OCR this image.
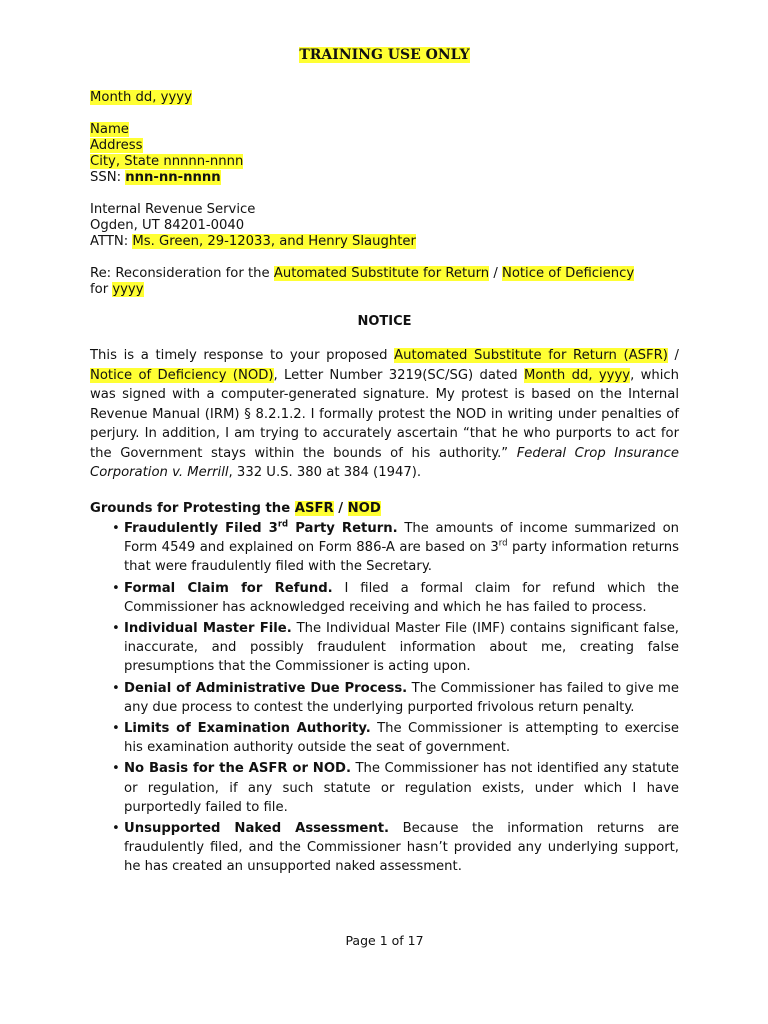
TRAINING USE ONLY
Month dd, yyyy
Name
Address
City, State nnnnn-nnnn
SSN: nnn-nn-nnnn
Internal Revenue Service
Ogden, UT 84201-0040
ATTN: Ms. Green, 29-12033, and Henry Slaughter
Re: Reconsideration for the Automated Substitute for Return / Notice of Deficiency
for yyyy
NOTICE
This is a timely response to your proposed Automated Substitute for Return (ASFR) / Notice of Deficiency (NOD), Letter Number 3219(SC/SG) dated Month dd, yyyy, which was signed with a computer-generated signature. My protest is based on the Internal Revenue Manual (IRM) § 8.2.1.2. I formally protest the NOD in writing under penalties of perjury. In addition, I am trying to accurately ascertain “that he who purports to act for the Government stays within the bounds of his authority.” Federal Crop Insurance Corporation v. Merrill, 332 U.S. 380 at 384 (1947).
Grounds for Protesting the ASFR / NOD
• Fraudulently Filed 3rd Party Return. The amounts of income summarized on Form 4549 and explained on Form 886-A are based on 3rd party information returns that were fraudulently filed with the Secretary.
• Formal Claim for Refund. I filed a formal claim for refund which the Commissioner has acknowledged receiving and which he has failed to process.
• Individual Master File. The Individual Master File (IMF) contains significant false, inaccurate, and possibly fraudulent information about me, creating false presumptions that the Commissioner is acting upon.
• Denial of Administrative Due Process. The Commissioner has failed to give me any due process to contest the underlying purported frivolous return penalty.
• Limits of Examination Authority. The Commissioner is attempting to exercise his examination authority outside the seat of government.
• No Basis for the ASFR or NOD. The Commissioner has not identified any statute or regulation, if any such statute or regulation exists, under which I have purportedly failed to file.
• Unsupported Naked Assessment. Because the information returns are fraudulently filed, and the Commissioner hasn’t provided any underlying support, he has created an unsupported naked assessment.
Page 1 of 17
